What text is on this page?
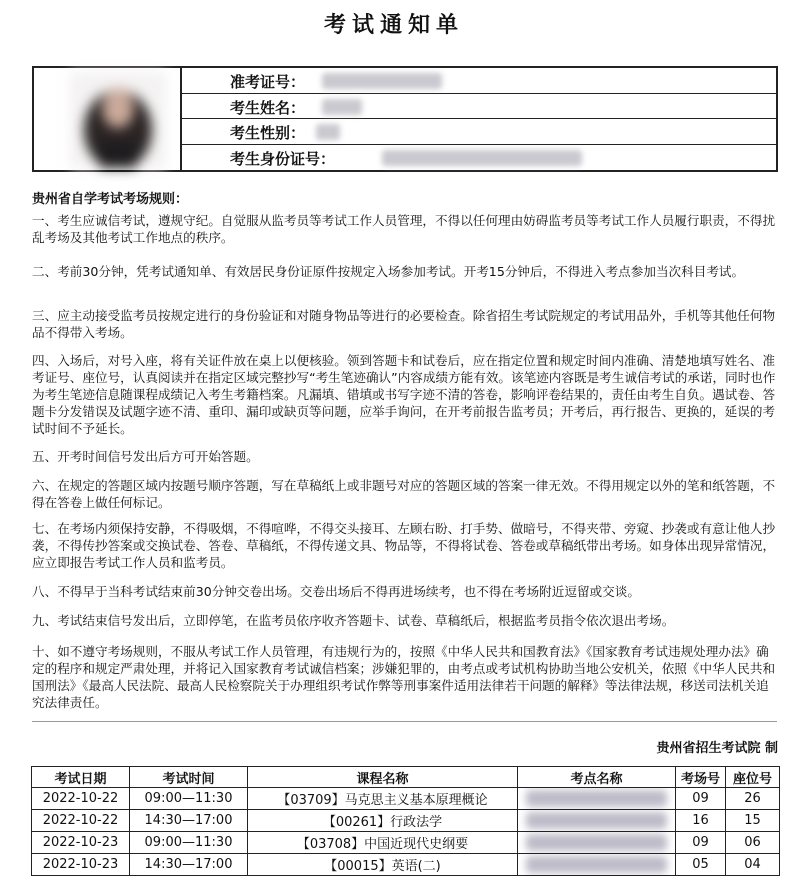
考试通知单
准考证号：
考生姓名：
考生性别：
考生身份证号：
贵州省自学考试考场规则：
一、考生应诚信考试，遵规守纪。自觉服从监考员等考试工作人员管理，不得以任何理由妨碍监考员等考试工作人员履行职责，不得扰乱考场及其他考试工作地点的秩序。
二、考前30分钟，凭考试通知单、有效居民身份证原件按规定入场参加考试。开考15分钟后，不得进入考点参加当次科目考试。
三、应主动接受监考员按规定进行的身份验证和对随身物品等进行的必要检查。除省招生考试院规定的考试用品外，手机等其他任何物品不得带入考场。
四、入场后，对号入座，将有关证件放在桌上以便核验。领到答题卡和试卷后，应在指定位置和规定时间内准确、清楚地填写姓名、准考证号、座位号，认真阅读并在指定区域完整抄写“考生笔迹确认”内容成绩方能有效。该笔迹内容既是考生诚信考试的承诺，同时也作为考生笔迹信息随课程成绩记入考生考籍档案。凡漏填、错填或书写字迹不清的答卷，影响评卷结果的，责任由考生自负。遇试卷、答题卡分发错误及试题字迹不清、重印、漏印或缺页等问题，应举手询问，在开考前报告监考员；开考后，再行报告、更换的，延误的考试时间不予延长。
五、开考时间信号发出后方可开始答题。
六、在规定的答题区域内按题号顺序答题，写在草稿纸上或非题号对应的答题区域的答案一律无效。不得用规定以外的笔和纸答题，不得在答卷上做任何标记。
七、在考场内须保持安静，不得吸烟，不得喧哗，不得交头接耳、左顾右盼、打手势、做暗号，不得夹带、旁窥、抄袭或有意让他人抄袭，不得传抄答案或交换试卷、答卷、草稿纸，不得传递文具、物品等，不得将试卷、答卷或草稿纸带出考场。如身体出现异常情况，应立即报告考试工作人员和监考员。
八、不得早于当科考试结束前30分钟交卷出场。交卷出场后不得再进场续考，也不得在考场附近逗留或交谈。
九、考试结束信号发出后，立即停笔，在监考员依序收齐答题卡、试卷、草稿纸后，根据监考员指令依次退出考场。
十、如不遵守考场规则，不服从考试工作人员管理，有违规行为的，按照《中华人民共和国教育法》《国家教育考试违规处理办法》确定的程序和规定严肃处理，并将记入国家教育考试诚信档案；涉嫌犯罪的，由考点或考试机构协助当地公安机关，依照《中华人民共和国刑法》《最高人民法院、最高人民检察院关于办理组织考试作弊等刑事案件适用法律若干问题的解释》等法律法规，移送司法机关追究法律责任。
贵州省招生考试院 制
考试日期	考试时间	课程名称	考点名称	考场号	座位号
2022-10-22	09:00—11:30	【03709】马克思主义基本原理概论		09	26
2022-10-22	14:30—17:00	【00261】行政法学		16	15
2022-10-23	09:00—11:30	【03708】中国近现代史纲要		09	06
2022-10-23	14:30—17:00	【00015】英语(二)		05	04
